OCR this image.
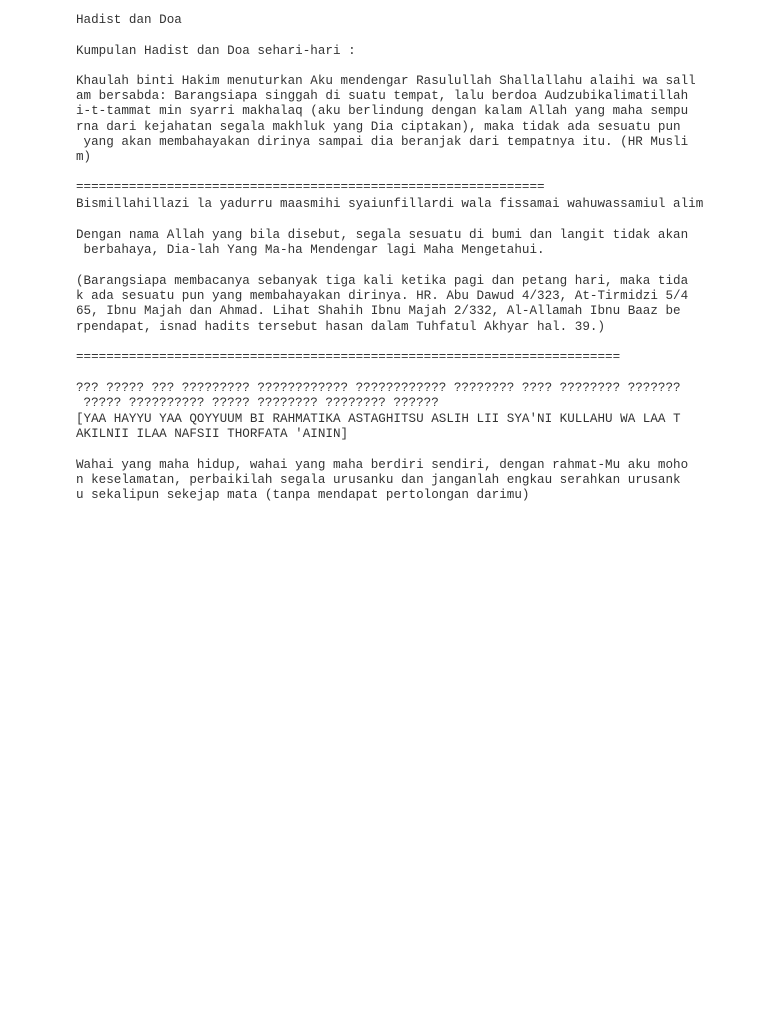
Hadist dan Doa
Kumpulan Hadist dan Doa sehari-hari :
Khaulah binti Hakim menuturkan Aku mendengar Rasulullah Shallallahu alaihi wa sall
am bersabda: Barangsiapa singgah di suatu tempat, lalu berdoa Audzubikalimatillah
i-t-tammat min syarri makhalaq (aku berlindung dengan kalam Allah yang maha sempu
rna dari kejahatan segala makhluk yang Dia ciptakan), maka tidak ada sesuatu pun
yang akan membahayakan dirinya sampai dia beranjak dari tempatnya itu. (HR Musli
m)
==============================================================
Bismillahillazi la yadurru maasmihi syaiunfillardi wala fissamai wahuwassamiul alim
Dengan nama Allah yang bila disebut, segala sesuatu di bumi dan langit tidak akan
berbahaya, Dia-lah Yang Ma-ha Mendengar lagi Maha Mengetahui.
(Barangsiapa membacanya sebanyak tiga kali ketika pagi dan petang hari, maka tida
k ada sesuatu pun yang membahayakan dirinya. HR. Abu Dawud 4/323, At-Tirmidzi 5/4
65, Ibnu Majah dan Ahmad. Lihat Shahih Ibnu Majah 2/332, Al-Allamah Ibnu Baaz be
rpendapat, isnad hadits tersebut hasan dalam Tuhfatul Akhyar hal. 39.)
========================================================================
??? ????? ??? ????????? ???????????? ???????????? ???????? ???? ???????? ???????
????? ?????????? ????? ???????? ???????? ??????
[YAA HAYYU YAA QOYYUUM BI RAHMATIKA ASTAGHITSU ASLIH LII SYA'NI KULLAHU WA LAA T
AKILNII ILAA NAFSII THORFATA 'AININ]
Wahai yang maha hidup, wahai yang maha berdiri sendiri, dengan rahmat-Mu aku moho
n keselamatan, perbaikilah segala urusanku dan janganlah engkau serahkan urusank
u sekalipun sekejap mata (tanpa mendapat pertolongan darimu)
